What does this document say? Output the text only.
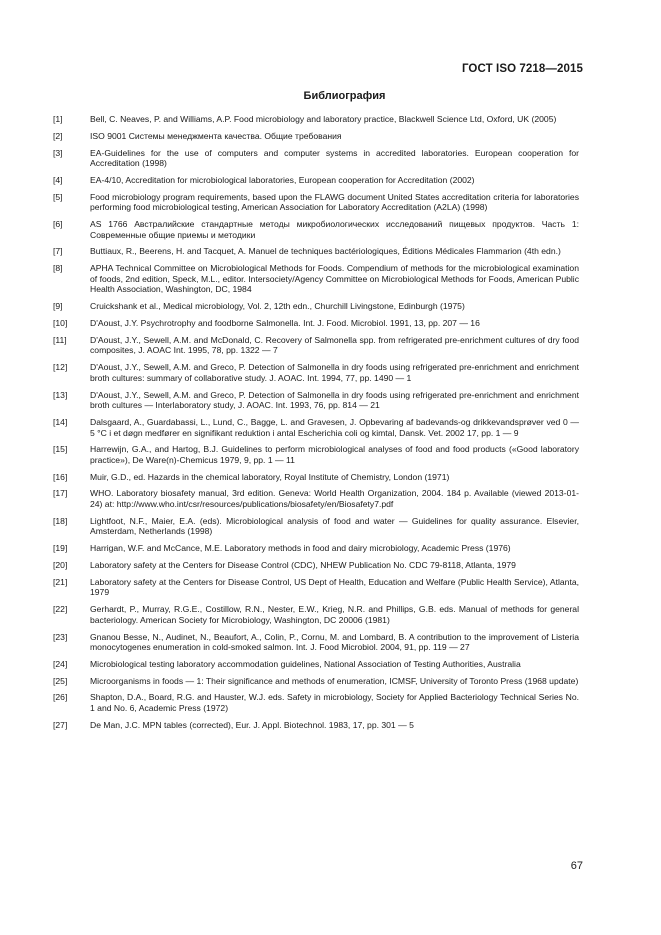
ГОСТ ISO 7218—2015
Библиография
[1]	Bell, C. Neaves, P. and Williams, A.P. Food microbiology and laboratory practice, Blackwell Science Ltd, Oxford, UK (2005)
[2]	ISO 9001 Системы менеджмента качества. Общие требования
[3]	EA-Guidelines for the use of computers and computer systems in accredited laboratories. European cooperation for Accreditation (1998)
[4]	EA-4/10, Accreditation for microbiological laboratories, European cooperation for Accreditation (2002)
[5]	Food microbiology program requirements, based upon the FLAWG document United States accreditation criteria for laboratories performing food microbiological testing, American Association for Laboratory Accreditation (A2LA) (1998)
[6]	AS 1766 Австралийские стандартные методы микробиологических исследований пищевых продуктов. Часть 1: Современные общие приемы и методики
[7]	Buttiaux, R., Beerens, H. and Tacquet, A. Manuel de techniques bactériologiques, Éditions Médicales Flammarion (4th edn.)
[8]	APHA Technical Committee on Microbiological Methods for Foods. Compendium of methods for the microbiological examination of foods, 2nd edition, Speck, M.L., editor. Intersociety/Agency Committee on Microbiological Methods for Foods, American Public Health Association, Washington, DC, 1984
[9]	Cruickshank et al., Medical microbiology, Vol. 2, 12th edn., Churchill Livingstone, Edinburgh (1975)
[10]	D'Aoust, J.Y. Psychrotrophy and foodborne Salmonella. Int. J. Food. Microbiol. 1991, 13, pp. 207 — 16
[11]	D'Aoust, J.Y., Sewell, A.M. and McDonald, C. Recovery of Salmonella spp. from refrigerated pre-enrichment cultures of dry food composites, J. AOAC Int. 1995, 78, pp. 1322 — 7
[12]	D'Aoust, J.Y., Sewell, A.M. and Greco, P. Detection of Salmonella in dry foods using refrigerated pre-enrichment and enrichment broth cultures: summary of collaborative study. J. AOAC. Int. 1994, 77, pp. 1490 — 1
[13]	D'Aoust, J.Y., Sewell, A.M. and Greco, P. Detection of Salmonella in dry foods using refrigerated pre-enrichment and enrichment broth cultures — Interlaboratory study, J. AOAC. Int. 1993, 76, pp. 814 — 21
[14]	Dalsgaard, A., Guardabassi, L., Lund, C., Bagge, L. and Gravesen, J. Opbevaring af badevands-og drikkevandsprøver ved 0 — 5 °C i et døgn medfører en signifikant reduktion i antal Escherichia coli og kimtal, Dansk. Vet. 2002 17, pp. 1 — 9
[15]	Harrewijn, G.A., and Hartog, B.J. Guidelines to perform microbiological analyses of food and food products («Good laboratory practice»), De Ware(n)-Chemicus 1979, 9, pp. 1 — 11
[16]	Muir, G.D., ed. Hazards in the chemical laboratory, Royal Institute of Chemistry, London (1971)
[17]	WHO. Laboratory biosafety manual, 3rd edition. Geneva: World Health Organization, 2004. 184 p. Available (viewed 2013-01-24) at: http://www.who.int/csr/resources/publications/biosafety/en/Biosafety7.pdf
[18]	Lightfoot, N.F., Maier, E.A. (eds). Microbiological analysis of food and water — Guidelines for quality assurance. Elsevier, Amsterdam, Netherlands (1998)
[19]	Harrigan, W.F. and McCance, M.E. Laboratory methods in food and dairy microbiology, Academic Press (1976)
[20]	Laboratory safety at the Centers for Disease Control (CDC), NHEW Publication No. CDC 79-8118, Atlanta, 1979
[21]	Laboratory safety at the Centers for Disease Control, US Dept of Health, Education and Welfare (Public Health Service), Atlanta, 1979
[22]	Gerhardt, P., Murray, R.G.E., Costillow, R.N., Nester, E.W., Krieg, N.R. and Phillips, G.B. eds. Manual of methods for general bacteriology. American Society for Microbiology, Washington, DC 20006 (1981)
[23]	Gnanou Besse, N., Audinet, N., Beaufort, A., Colin, P., Cornu, M. and Lombard, B. A contribution to the improvement of Listeria monocytogenes enumeration in cold-smoked salmon. Int. J. Food Microbiol. 2004, 91, pp. 119 — 27
[24]	Microbiological testing laboratory accommodation guidelines, National Association of Testing Authorities, Australia
[25]	Microorganisms in foods — 1: Their significance and methods of enumeration, ICMSF, University of Toronto Press (1968 update)
[26]	Shapton, D.A., Board, R.G. and Hauster, W.J. eds. Safety in microbiology, Society for Applied Bacteriology Technical Series No. 1 and No. 6, Academic Press (1972)
[27]	De Man, J.C. MPN tables (corrected), Eur. J. Appl. Biotechnol. 1983, 17, pp. 301 — 5
67
